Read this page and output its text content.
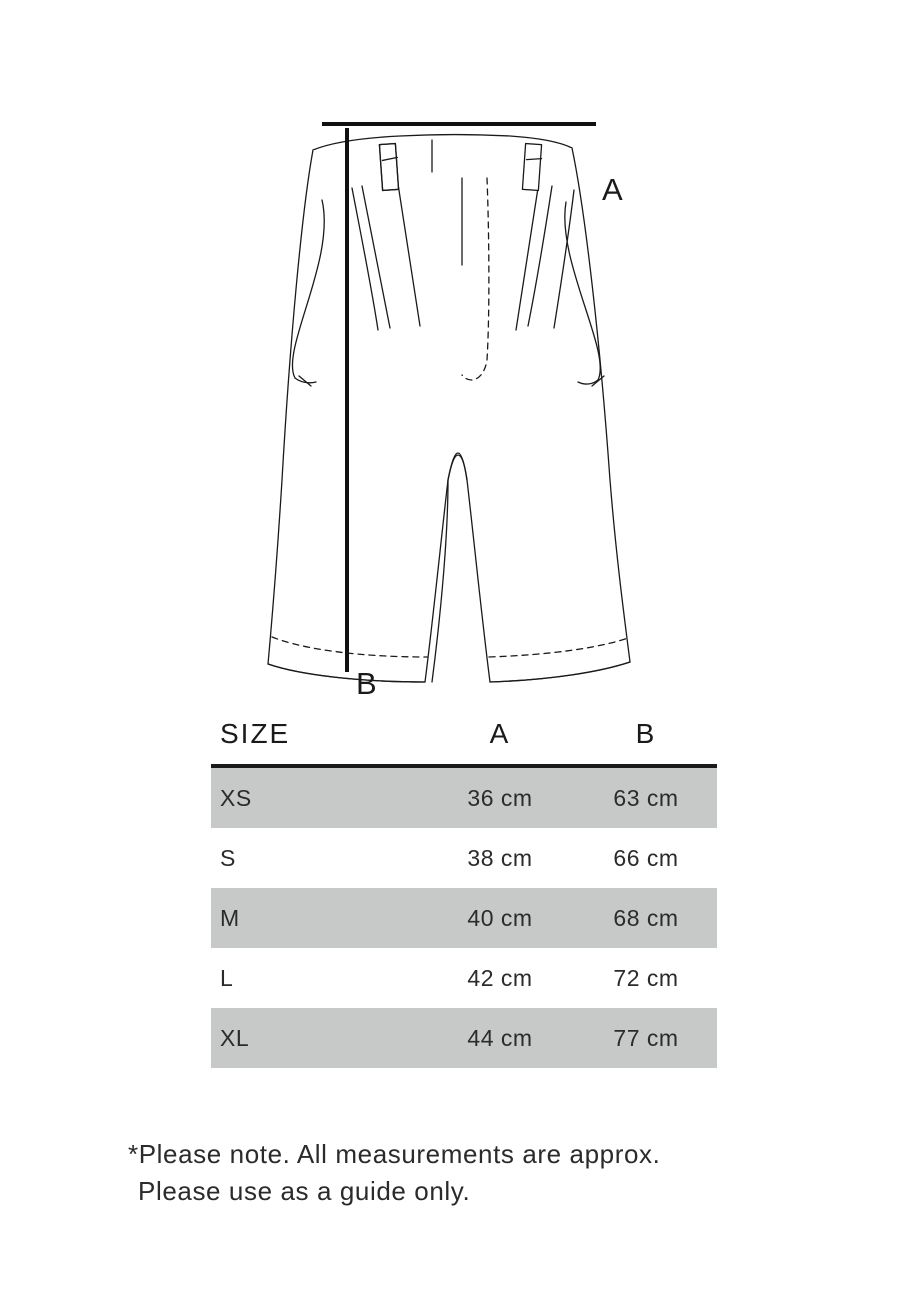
A
B
SIZE	A	B
XS	36 cm	63 cm
S	38 cm	66 cm
M	40 cm	68 cm
L	42 cm	72 cm
XL	44 cm	77 cm
*Please note. All measurements are approx.
Please use as a guide only.
